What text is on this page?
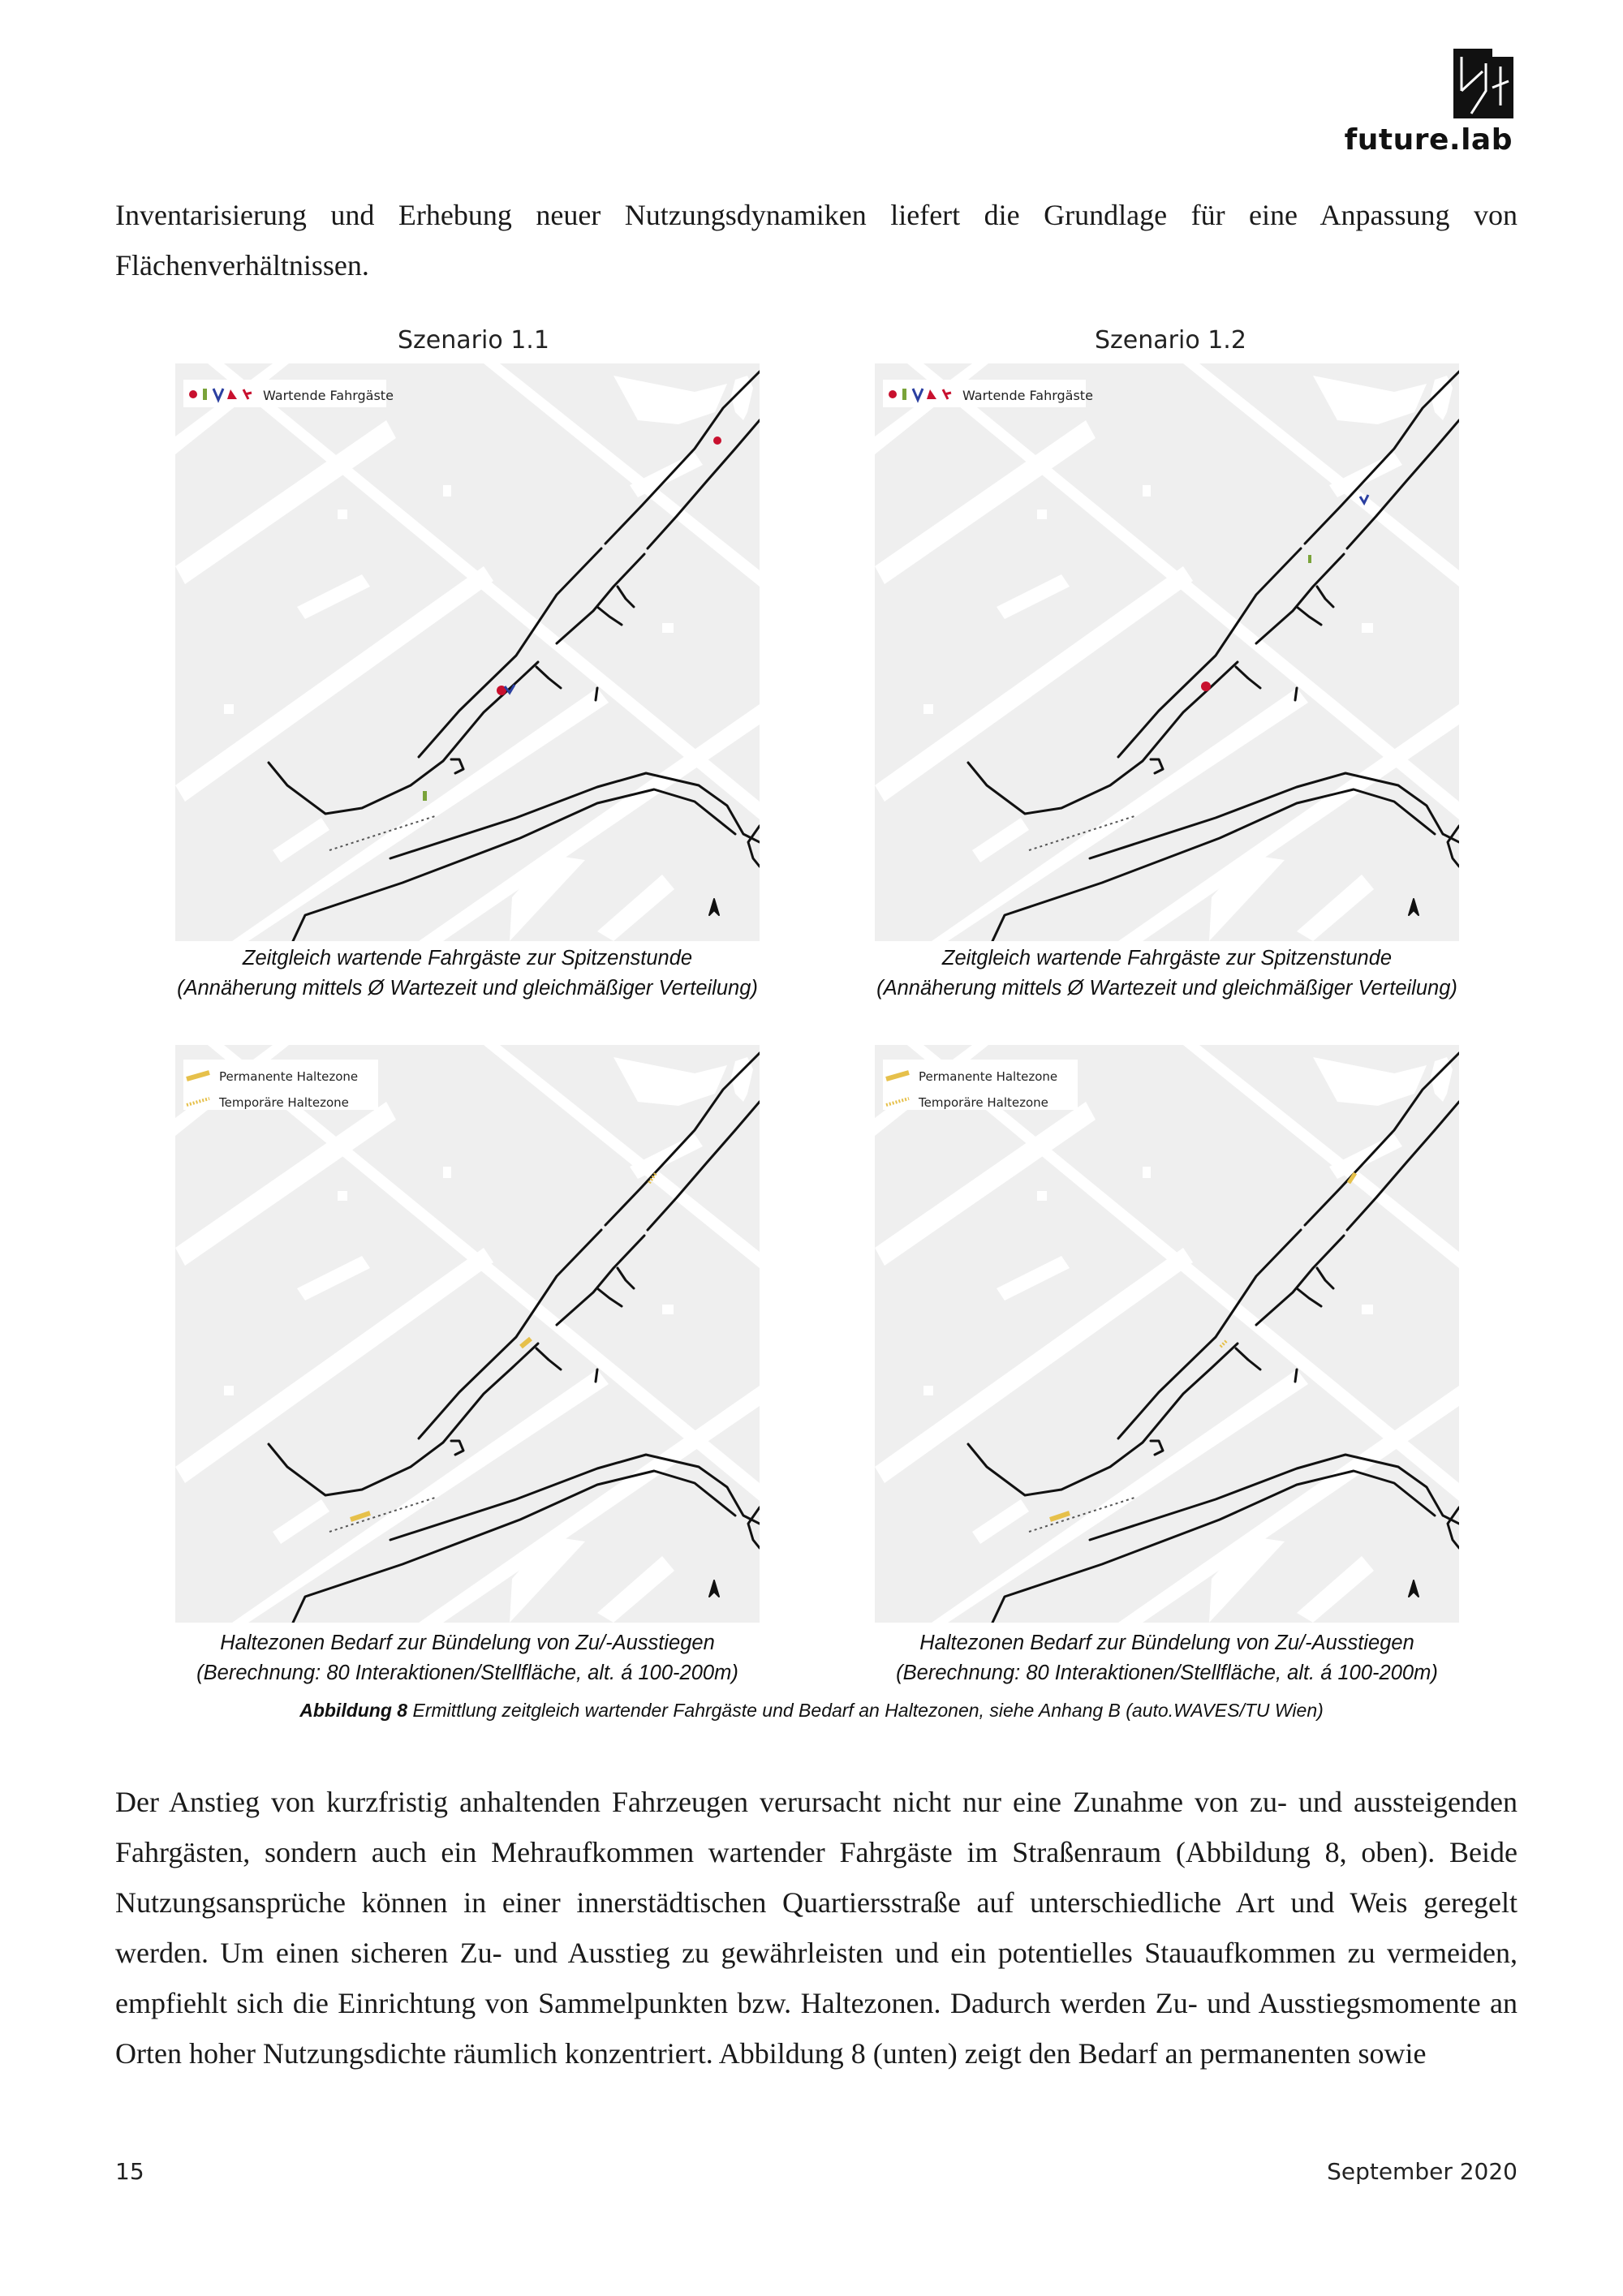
future.lab

Inventarisierung und Erhebung neuer Nutzungsdynamiken liefert die Grundlage für eine Anpassung von Flächenverhältnissen.

Szenario 1.1	Szenario 1.2
Wartende Fahrgäste	Wartende Fahrgäste
Zeitgleich wartende Fahrgäste zur Spitzenstunde
(Annäherung mittels Ø Wartezeit und gleichmäßiger Verteilung)
Zeitgleich wartende Fahrgäste zur Spitzenstunde
(Annäherung mittels Ø Wartezeit und gleichmäßiger Verteilung)
Permanente Haltezone
Temporäre Haltezone
Permanente Haltezone
Temporäre Haltezone
Haltezonen Bedarf zur Bündelung von Zu/-Ausstiegen
(Berechnung: 80 Interaktionen/Stellfläche, alt. á 100-200m)
Haltezonen Bedarf zur Bündelung von Zu/-Ausstiegen
(Berechnung: 80 Interaktionen/Stellfläche, alt. á 100-200m)
Abbildung 8 Ermittlung zeitgleich wartender Fahrgäste und Bedarf an Haltezonen, siehe Anhang B (auto.WAVES/TU Wien)

Der Anstieg von kurzfristig anhaltenden Fahrzeugen verursacht nicht nur eine Zunahme von zu- und aussteigenden Fahrgästen, sondern auch ein Mehraufkommen wartender Fahrgäste im Straßenraum (Abbildung 8, oben). Beide Nutzungsansprüche können in einer innerstädtischen Quartiersstraße auf unterschiedliche Art und Weis geregelt werden. Um einen sicheren Zu- und Ausstieg zu gewährleisten und ein potentielles Stauaufkommen zu vermeiden, empfiehlt sich die Einrichtung von Sammelpunkten bzw. Haltezonen. Dadurch werden Zu- und Ausstiegsmomente an Orten hoher Nutzungsdichte räumlich konzentriert. Abbildung 8 (unten) zeigt den Bedarf an permanenten sowie

15	September 2020
